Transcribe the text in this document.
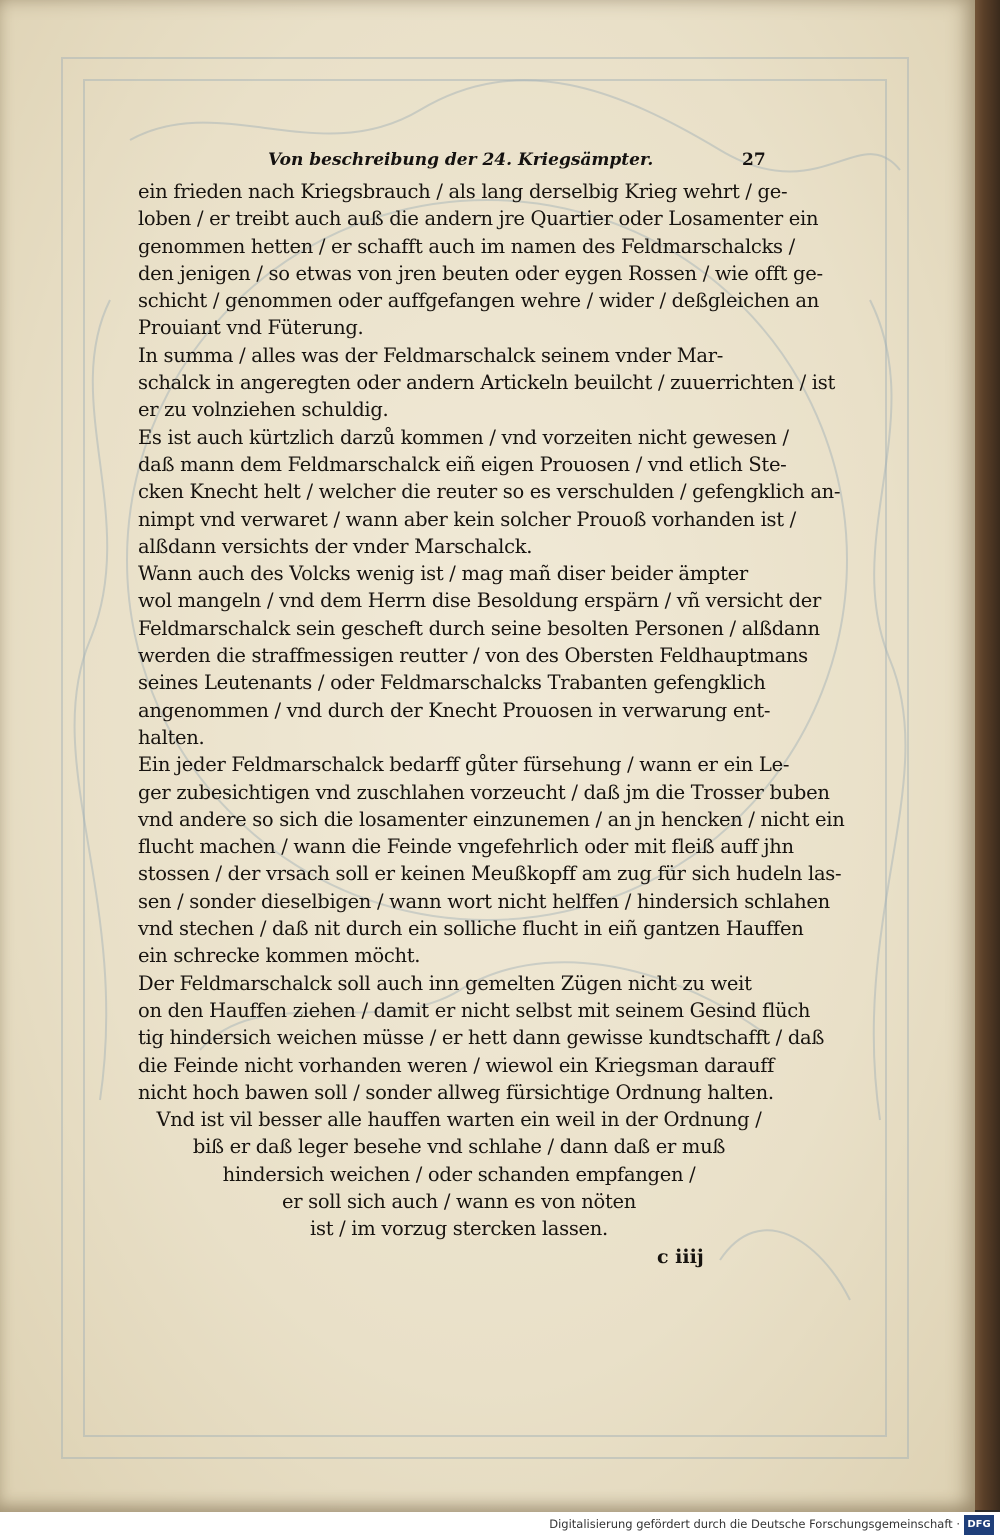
Von beschreibung der 24. Kriegsämpter.	27
ein frieden nach Kriegsbrauch / als lang derselbig Krieg wehrt / ge-
loben / er treibt auch auß die andern jre Quartier oder Losamenter ein
genommen hetten / er schafft auch im namen des Feldmarschalcks /
den jenigen / so etwas von jren beuten oder eygen Rossen / wie offt ge-
schicht / genommen oder auffgefangen wehre / wider / deßgleichen an
Prouiant vnd Füterung.
In summa / alles was der Feldmarschalck seinem vnder Mar-
schalck in angeregten oder andern Artickeln beuilcht / zuuerrichten / ist
er zu volnziehen schuldig.
Es ist auch kürtzlich darzů kommen / vnd vorzeiten nicht gewesen /
daß mann dem Feldmarschalck eiñ eigen Prouosen / vnd etlich Ste-
cken Knecht helt / welcher die reuter so es verschulden / gefengklich an-
nimpt vnd verwaret / wann aber kein solcher Prouoß vorhanden ist /
alßdann versichts der vnder Marschalck.
Wann auch des Volcks wenig ist / mag mañ diser beider ämpter
wol mangeln / vnd dem Herrn dise Besoldung erspärn / vñ versicht der
Feldmarschalck sein gescheft durch seine besolten Personen / alßdann
werden die straffmessigen reutter / von des Obersten Feldhauptmans
seines Leutenants / oder Feldmarschalcks Trabanten gefengklich
angenommen / vnd durch der Knecht Prouosen in verwarung ent-
halten.
Ein jeder Feldmarschalck bedarff gůter fürsehung / wann er ein Le-
ger zubesichtigen vnd zuschlahen vorzeucht / daß jm die Trosser buben
vnd andere so sich die losamenter einzunemen / an jn hencken / nicht ein
flucht machen / wann die Feinde vngefehrlich oder mit fleiß auff jhn
stossen / der vrsach soll er keinen Meußkopff am zug für sich hudeln las-
sen / sonder dieselbigen / wann wort nicht helffen / hindersich schlahen
vnd stechen / daß nit durch ein solliche flucht in eiñ gantzen Hauffen
ein schrecke kommen möcht.
Der Feldmarschalck soll auch inn gemelten Zügen nicht zu weit
on den Hauffen ziehen / damit er nicht selbst mit seinem Gesind flüch
tig hindersich weichen müsse / er hett dann gewisse kundtschafft / daß
die Feinde nicht vorhanden weren / wiewol ein Kriegsman darauff
nicht hoch bawen soll / sonder allweg fürsichtige Ordnung halten.
Vnd ist vil besser alle hauffen warten ein weil in der Ordnung /
biß er daß leger besehe vnd schlahe / dann daß er muß
hindersich weichen / oder schanden empfangen /
er soll sich auch / wann es von nöten
ist / im vorzug stercken lassen.
c iiij
Digitalisierung gefördert durch die Deutsche Forschungsgemeinschaft · DFG
